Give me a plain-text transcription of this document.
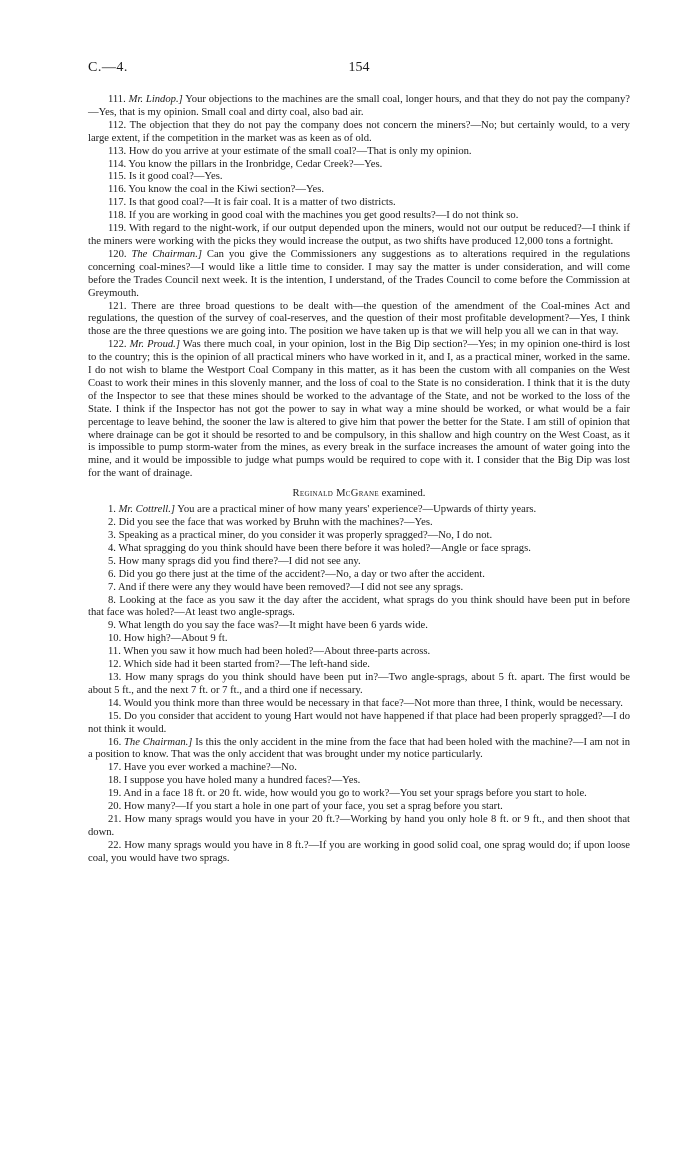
C.—4.	154

111. Mr. Lindop.] Your objections to the machines are the small coal, longer hours, and that they do not pay the company?—Yes, that is my opinion. Small coal and dirty coal, also bad air.

112. The objection that they do not pay the company does not concern the miners?—No; but certainly would, to a very large extent, if the competition in the market was as keen as of old.

113. How do you arrive at your estimate of the small coal?—That is only my opinion.

114. You know the pillars in the Ironbridge, Cedar Creek?—Yes.

115. Is it good coal?—Yes.

116. You know the coal in the Kiwi section?—Yes.

117. Is that good coal?—It is fair coal. It is a matter of two districts.

118. If you are working in good coal with the machines you get good results?—I do not think so.

119. With regard to the night-work, if our output depended upon the miners, would not our output be reduced?—I think if the miners were working with the picks they would increase the output, as two shifts have produced 12,000 tons a fortnight.

120. The Chairman.] Can you give the Commissioners any suggestions as to alterations required in the regulations concerning coal-mines?—I would like a little time to consider. I may say the matter is under consideration, and will come before the Trades Council next week. It is the intention, I understand, of the Trades Council to come before the Commission at Greymouth.

121. There are three broad questions to be dealt with—the question of the amendment of the Coal-mines Act and regulations, the question of the survey of coal-reserves, and the question of their most profitable development?—Yes, I think those are the three questions we are going into. The position we have taken up is that we will help you all we can in that way.

122. Mr. Proud.] Was there much coal, in your opinion, lost in the Big Dip section?—Yes; in my opinion one-third is lost to the country; this is the opinion of all practical miners who have worked in it, and I, as a practical miner, worked in the same. I do not wish to blame the Westport Coal Company in this matter, as it has been the custom with all companies on the West Coast to work their mines in this slovenly manner, and the loss of coal to the State is no consideration. I think that it is the duty of the Inspector to see that these mines should be worked to the advantage of the State, and not be worked to the loss of the State. I think if the Inspector has not got the power to say in what way a mine should be worked, or what would be a fair percentage to leave behind, the sooner the law is altered to give him that power the better for the State. I am still of opinion that where drainage can be got it should be resorted to and be compulsory, in this shallow and high country on the West Coast, as it is impossible to pump storm-water from the mines, as every break in the surface increases the amount of water going into the mine, and it would be impossible to judge what pumps would be required to cope with it. I consider that the Big Dip was lost for the want of drainage.

Reginald McGrane examined.

1. Mr. Cottrell.] You are a practical miner of how many years' experience?—Upwards of thirty years.

2. Did you see the face that was worked by Bruhn with the machines?—Yes.

3. Speaking as a practical miner, do you consider it was properly spragged?—No, I do not.

4. What spragging do you think should have been there before it was holed?—Angle or face sprags.

5. How many sprags did you find there?—I did not see any.

6. Did you go there just at the time of the accident?—No, a day or two after the accident.

7. And if there were any they would have been removed?—I did not see any sprags.

8. Looking at the face as you saw it the day after the accident, what sprags do you think should have been put in before that face was holed?—At least two angle-sprags.

9. What length do you say the face was?—It might have been 6 yards wide.

10. How high?—About 9 ft.

11. When you saw it how much had been holed?—About three-parts across.

12. Which side had it been started from?—The left-hand side.

13. How many sprags do you think should have been put in?—Two angle-sprags, about 5 ft. apart. The first would be about 5 ft., and the next 7 ft. or 7 ft., and a third one if necessary.

14. Would you think more than three would be necessary in that face?—Not more than three, I think, would be necessary.

15. Do you consider that accident to young Hart would not have happened if that place had been properly spragged?—I do not think it would.

16. The Chairman.] Is this the only accident in the mine from the face that had been holed with the machine?—I am not in a position to know. That was the only accident that was brought under my notice particularly.

17. Have you ever worked a machine?—No.

18. I suppose you have holed many a hundred faces?—Yes.

19. And in a face 18 ft. or 20 ft. wide, how would you go to work?—You set your sprags before you start to hole.

20. How many?—If you start a hole in one part of your face, you set a sprag before you start.

21. How many sprags would you have in your 20 ft.?—Working by hand you only hole 8 ft. or 9 ft., and then shoot that down.

22. How many sprags would you have in 8 ft.?—If you are working in good solid coal, one sprag would do; if upon loose coal, you would have two sprags.
